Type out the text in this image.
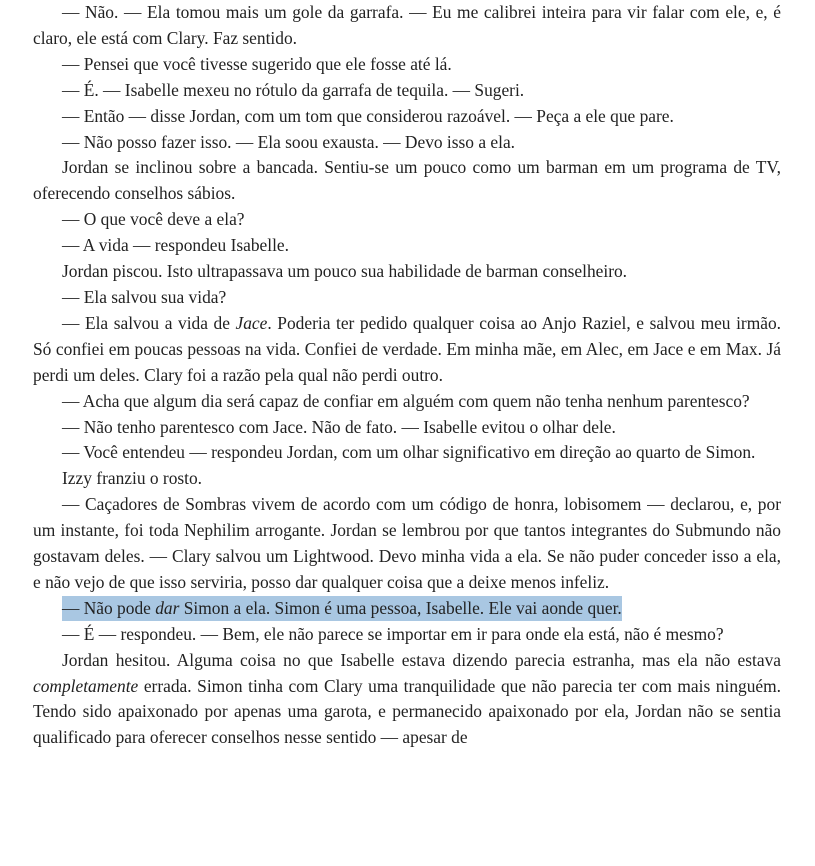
— Não. — Ela tomou mais um gole da garrafa. — Eu me calibrei inteira para vir falar com ele, e, é claro, ele está com Clary. Faz sentido.

— Pensei que você tivesse sugerido que ele fosse até lá.

— É. — Isabelle mexeu no rótulo da garrafa de tequila. — Sugeri.

— Então — disse Jordan, com um tom que considerou razoável. — Peça a ele que pare.

— Não posso fazer isso. — Ela soou exausta. — Devo isso a ela.

Jordan se inclinou sobre a bancada. Sentiu-se um pouco como um barman em um programa de TV, oferecendo conselhos sábios.

— O que você deve a ela?

— A vida — respondeu Isabelle.

Jordan piscou. Isto ultrapassava um pouco sua habilidade de barman conselheiro.

— Ela salvou sua vida?

— Ela salvou a vida de Jace. Poderia ter pedido qualquer coisa ao Anjo Raziel, e salvou meu irmão. Só confiei em poucas pessoas na vida. Confiei de verdade. Em minha mãe, em Alec, em Jace e em Max. Já perdi um deles. Clary foi a razão pela qual não perdi outro.

— Acha que algum dia será capaz de confiar em alguém com quem não tenha nenhum parentesco?

— Não tenho parentesco com Jace. Não de fato. — Isabelle evitou o olhar dele.

— Você entendeu — respondeu Jordan, com um olhar significativo em direção ao quarto de Simon.

Izzy franziu o rosto.

— Caçadores de Sombras vivem de acordo com um código de honra, lobisomem — declarou, e, por um instante, foi toda Nephilim arrogante. Jordan se lembrou por que tantos integrantes do Submundo não gostavam deles. — Clary salvou um Lightwood. Devo minha vida a ela. Se não puder conceder isso a ela, e não vejo de que isso serviria, posso dar qualquer coisa que a deixe menos infeliz.

— Não pode dar Simon a ela. Simon é uma pessoa, Isabelle. Ele vai aonde quer.

— É — respondeu. — Bem, ele não parece se importar em ir para onde ela está, não é mesmo?

Jordan hesitou. Alguma coisa no que Isabelle estava dizendo parecia estranha, mas ela não estava completamente errada. Simon tinha com Clary uma tranquilidade que não parecia ter com mais ninguém. Tendo sido apaixonado por apenas uma garota, e permanecido apaixonado por ela, Jordan não se sentia qualificado para oferecer conselhos nesse sentido — apesar de
